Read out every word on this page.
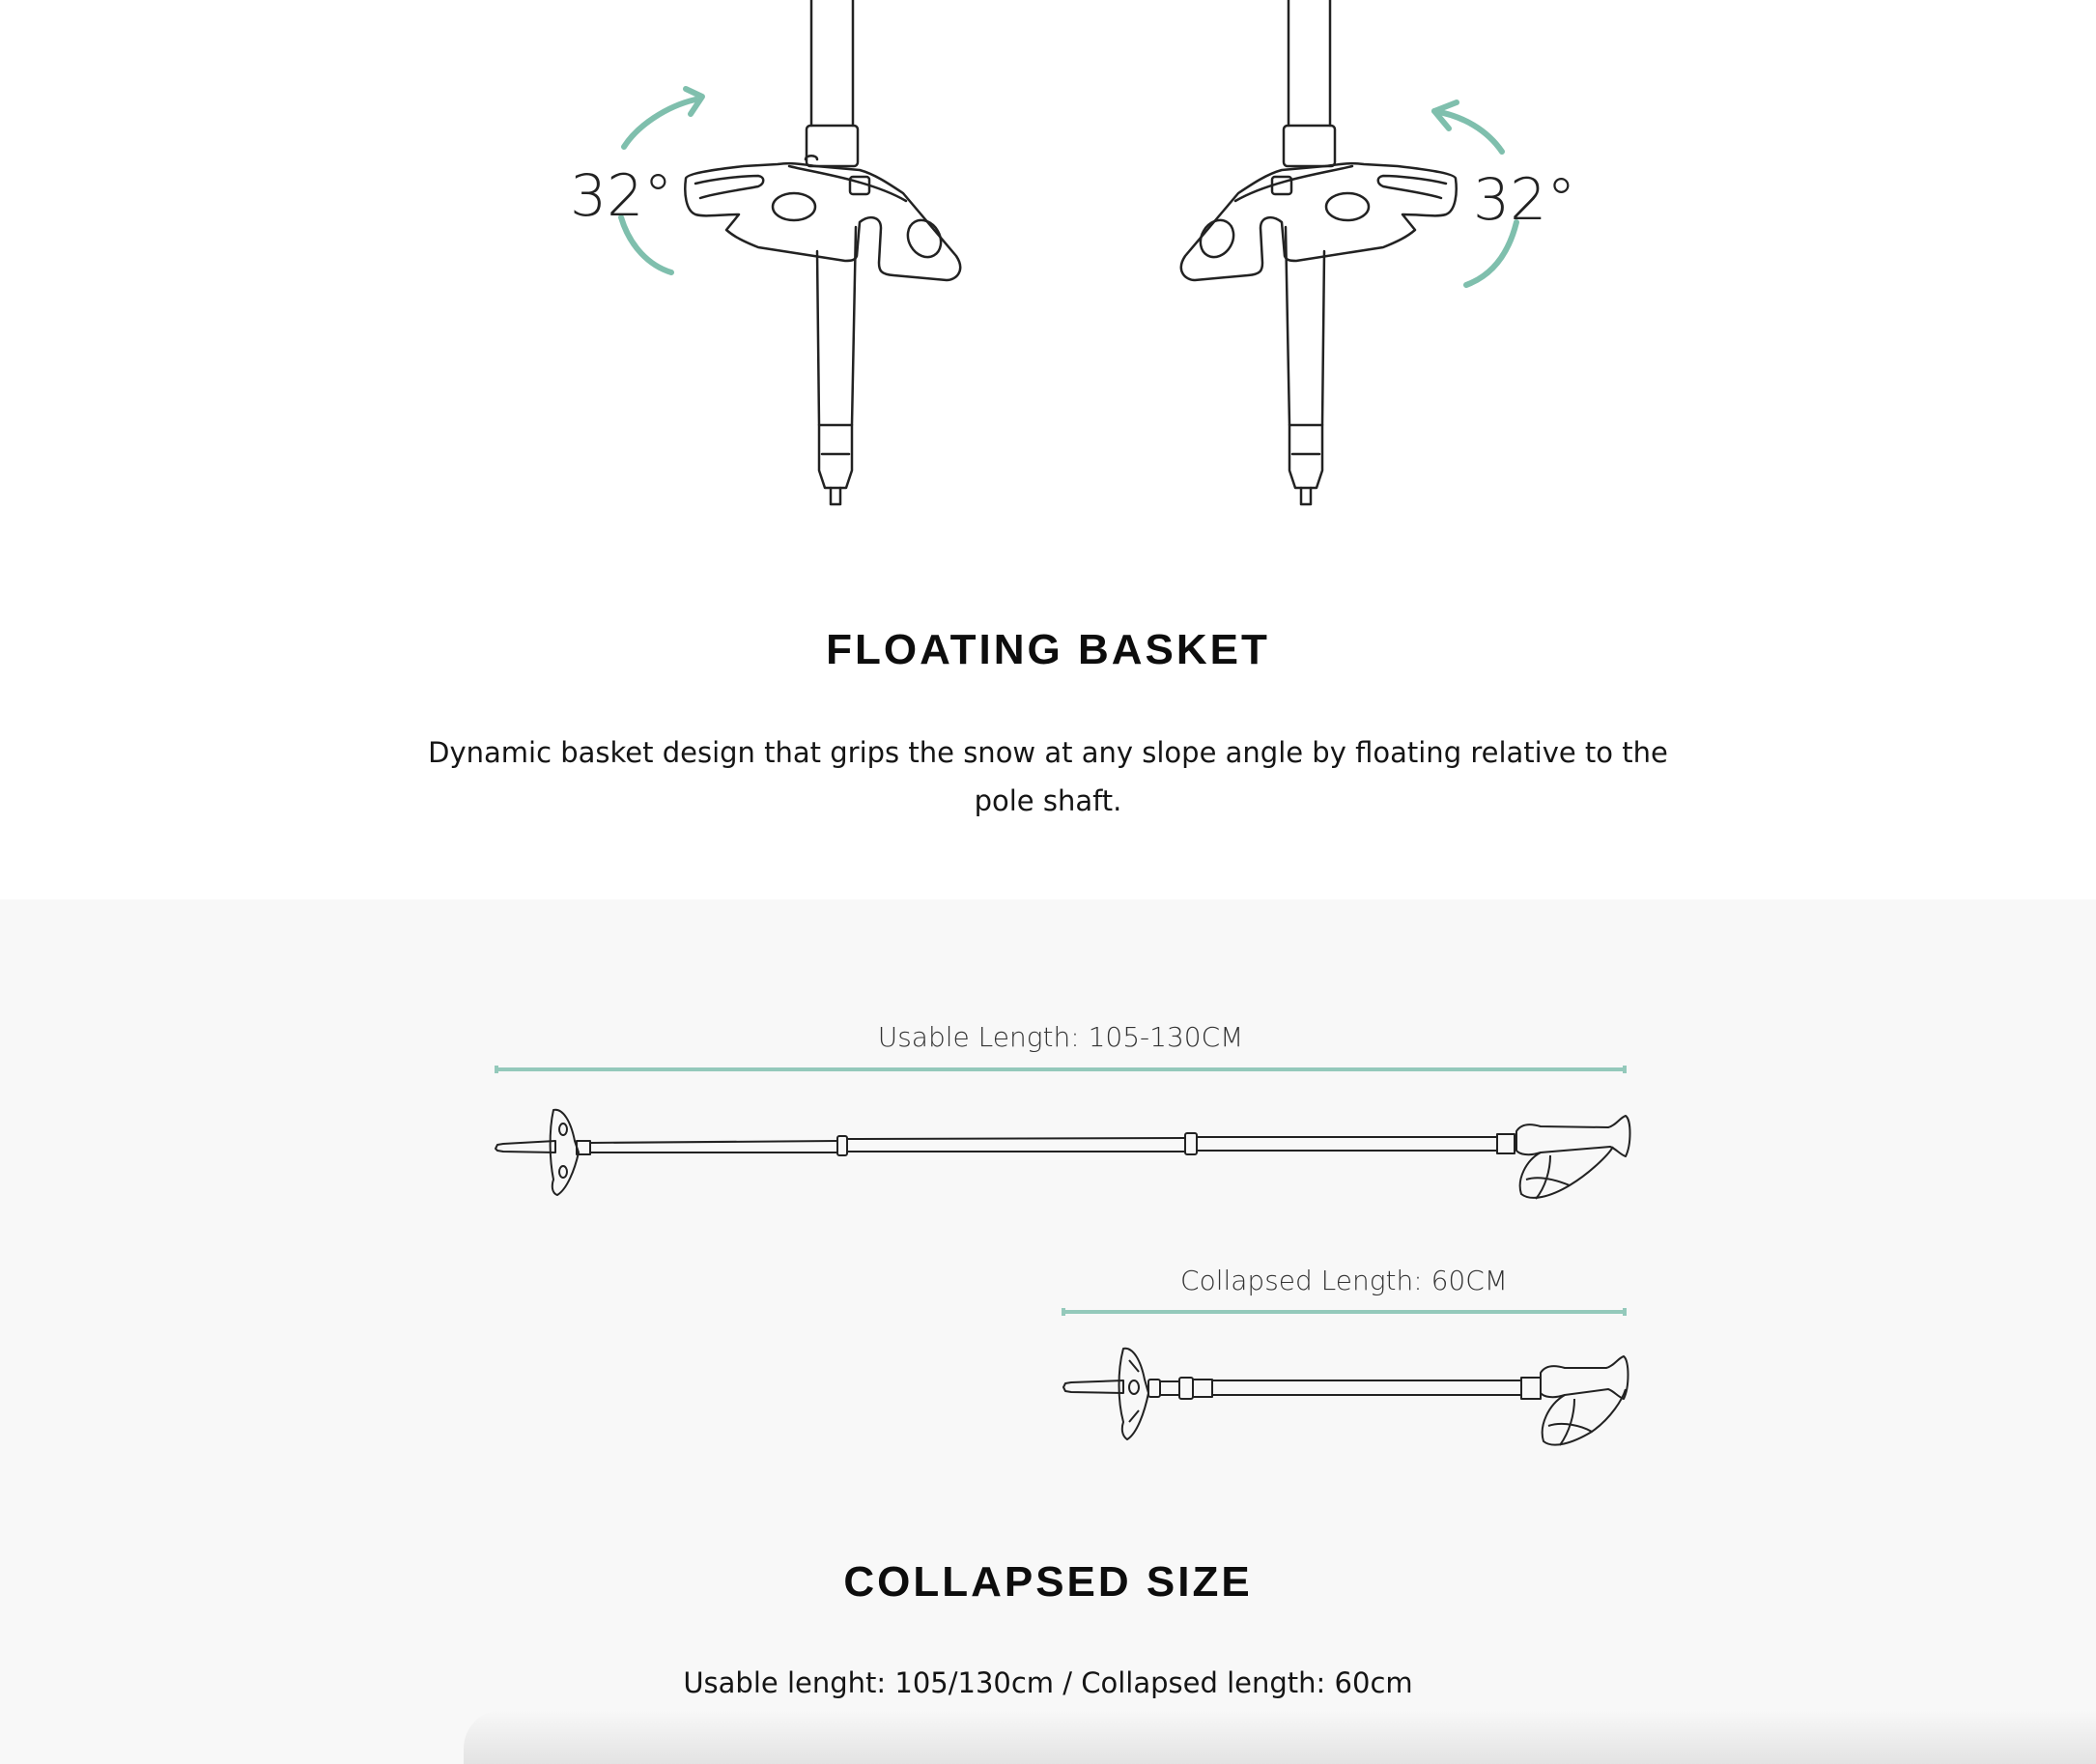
32°	32°
FLOATING BASKET
Dynamic basket design that grips the snow at any slope angle by floating relative to the
pole shaft.
Usable Length: 105-130CM
Collapsed Length: 60CM
COLLAPSED SIZE
Usable lenght: 105/130cm / Collapsed length: 60cm
